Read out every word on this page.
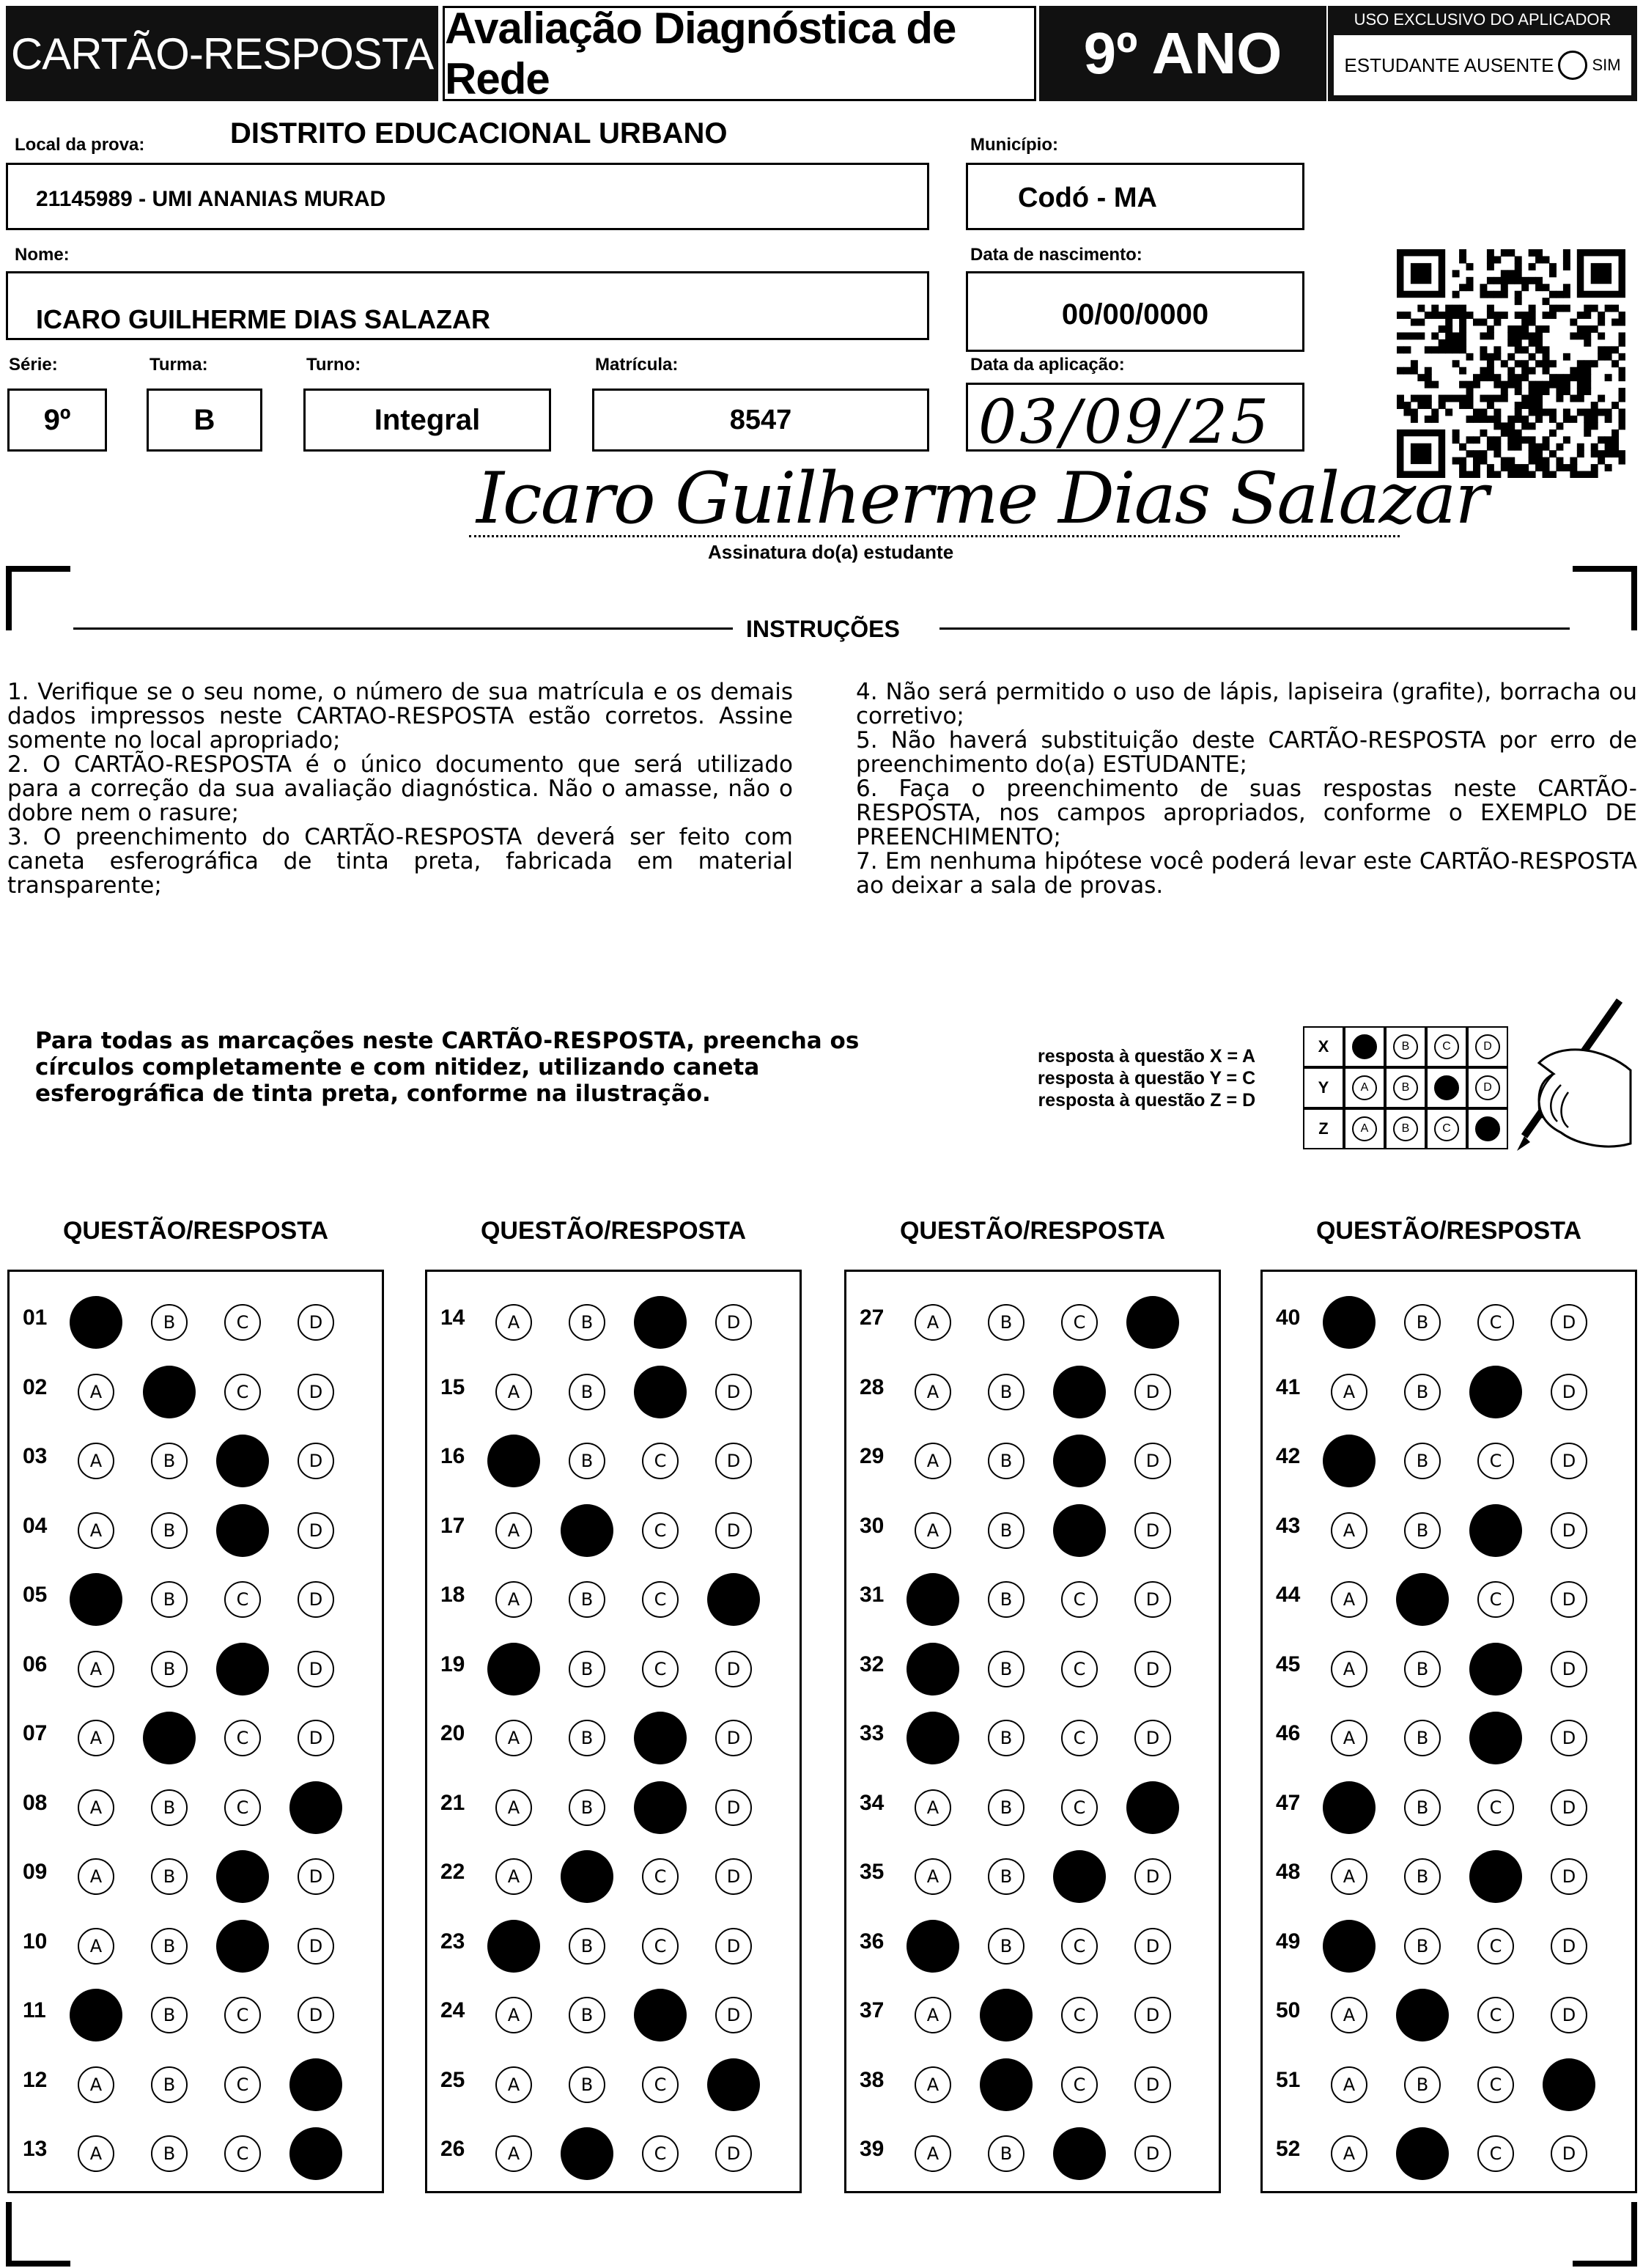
CARTÃO-RESPOSTA
Avaliação Diagnóstica de Rede	9º ANO
USO EXCLUSIVO DO APLICADOR
ESTUDANTE AUSENTE SIM
Local da prova:	DISTRITO EDUCACIONAL URBANO
21145989 - UMI ANANIAS MURAD
Município:
Codó - MA
Nome:
ICARO GUILHERME DIAS SALAZAR
Data de nascimento:
00/00/0000
Série:
9º
Turma:
B
Turno:
Integral
Matrícula:
8547
Data da aplicação:
03/09/25
Icaro Guilherme Dias Salazar
Assinatura do(a) estudante
INSTRUÇÕES
1. Verifique se o seu nome, o número de sua matrícula e os demais dados impressos neste CARTAO-RESPOSTA estão corretos. Assine somente no local apropriado;
2. O CARTÃO-RESPOSTA é o único documento que será utilizado para a correção da sua avaliação diagnóstica. Não o amasse, não o dobre nem o rasure;
3. O preenchimento do CARTÃO-RESPOSTA deverá ser feito com caneta esferográfica de tinta preta, fabricada em material transparente;
4. Não será permitido o uso de lápis, lapiseira (grafite), borracha ou corretivo;
5. Não haverá substituição deste CARTÃO-RESPOSTA por erro de preenchimento do(a) ESTUDANTE;
6. Faça o preenchimento de suas respostas neste CARTÃO-RESPOSTA, nos campos apropriados, conforme o EXEMPLO DE PREENCHIMENTO;
7. Em nenhuma hipótese você poderá levar este CARTÃO-RESPOSTA ao deixar a sala de provas.
Para todas as marcações neste CARTÃO-RESPOSTA, preencha os círculos completamente e com nitidez, utilizando caneta esferográfica de tinta preta, conforme na ilustração.
resposta à questão X = A
resposta à questão Y = C
resposta à questão Z = D
X	A	B	C	D
Y	A	B	C	D
Z	A	B	C	D
QUESTÃO/RESPOSTA
01	A	B	C	D
02	A	B	C	D
03	A	B	C	D
04	A	B	C	D
05	A	B	C	D
06	A	B	C	D
07	A	B	C	D
08	A	B	C	D
09	A	B	C	D
10	A	B	C	D
11	A	B	C	D
12	A	B	C	D
13	A	B	C	D
QUESTÃO/RESPOSTA
14	A	B	C	D
15	A	B	C	D
16	A	B	C	D
17	A	B	C	D
18	A	B	C	D
19	A	B	C	D
20	A	B	C	D
21	A	B	C	D
22	A	B	C	D
23	A	B	C	D
24	A	B	C	D
25	A	B	C	D
26	A	B	C	D
QUESTÃO/RESPOSTA
27	A	B	C	D
28	A	B	C	D
29	A	B	C	D
30	A	B	C	D
31	A	B	C	D
32	A	B	C	D
33	A	B	C	D
34	A	B	C	D
35	A	B	C	D
36	A	B	C	D
37	A	B	C	D
38	A	B	C	D
39	A	B	C	D
QUESTÃO/RESPOSTA
40	A	B	C	D
41	A	B	C	D
42	A	B	C	D
43	A	B	C	D
44	A	B	C	D
45	A	B	C	D
46	A	B	C	D
47	A	B	C	D
48	A	B	C	D
49	A	B	C	D
50	A	B	C	D
51	A	B	C	D
52	A	B	C	D
